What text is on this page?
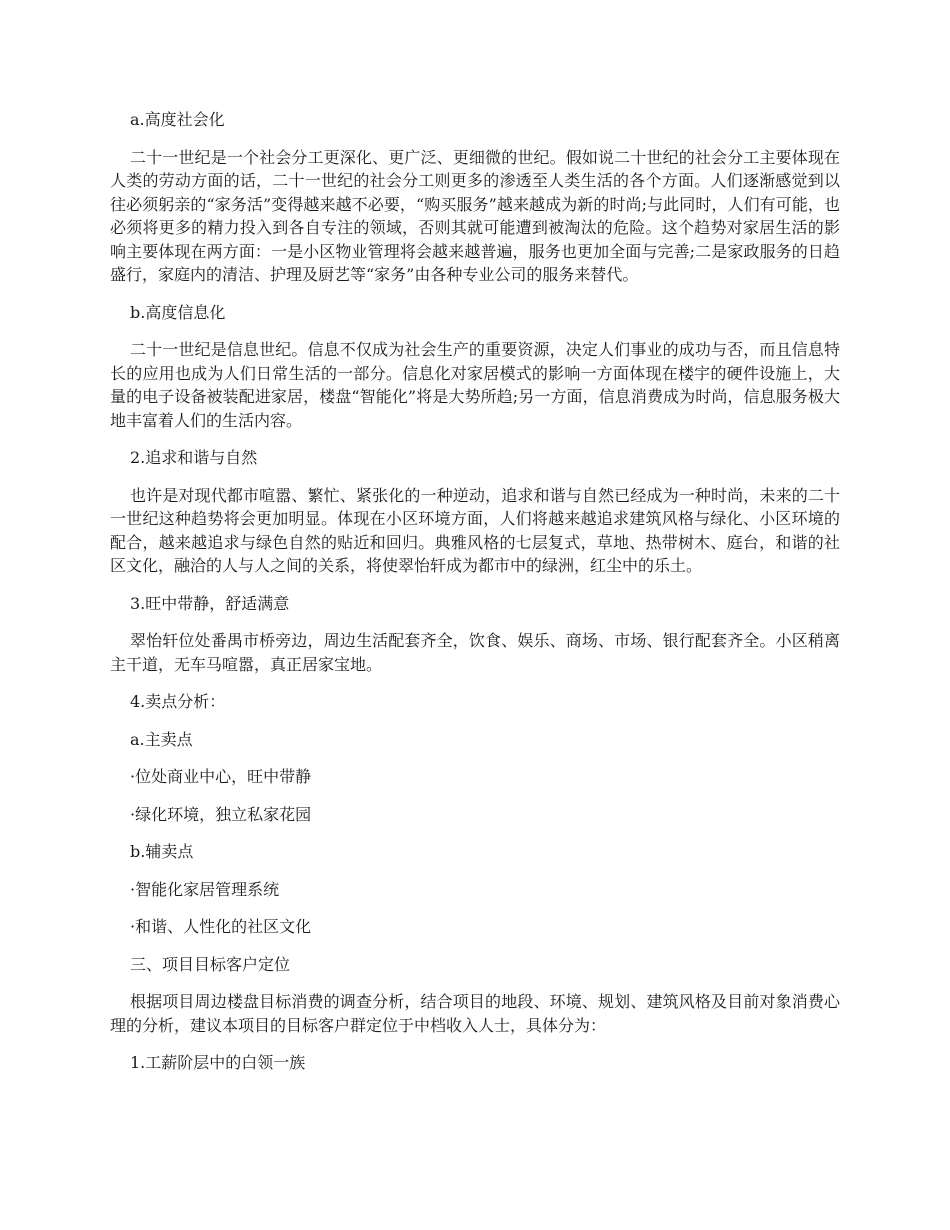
a.高度社会化

二十一世纪是一个社会分工更深化、更广泛、更细微的世纪。假如说二十世纪的社会分工主要体现在人类的劳动方面的话，二十一世纪的社会分工则更多的渗透至人类生活的各个方面。人们逐渐感觉到以往必须躬亲的“家务活”变得越来越不必要，“购买服务”越来越成为新的时尚;与此同时，人们有可能，也必须将更多的精力投入到各自专注的领域，否则其就可能遭到被淘汰的危险。这个趋势对家居生活的影响主要体现在两方面：一是小区物业管理将会越来越普遍，服务也更加全面与完善;二是家政服务的日趋盛行，家庭内的清洁、护理及厨艺等“家务”由各种专业公司的服务来替代。

b.高度信息化

二十一世纪是信息世纪。信息不仅成为社会生产的重要资源，决定人们事业的成功与否，而且信息特长的应用也成为人们日常生活的一部分。信息化对家居模式的影响一方面体现在楼宇的硬件设施上，大量的电子设备被装配进家居，楼盘“智能化”将是大势所趋;另一方面，信息消费成为时尚，信息服务极大地丰富着人们的生活内容。

2.追求和谐与自然

也许是对现代都市喧嚣、繁忙、紧张化的一种逆动，追求和谐与自然已经成为一种时尚，未来的二十一世纪这种趋势将会更加明显。体现在小区环境方面，人们将越来越追求建筑风格与绿化、小区环境的配合，越来越追求与绿色自然的贴近和回归。典雅风格的七层复式，草地、热带树木、庭台，和谐的社区文化，融洽的人与人之间的关系，将使翠怡轩成为都市中的绿洲，红尘中的乐土。

3.旺中带静，舒适满意

翠怡轩位处番禺市桥旁边，周边生活配套齐全，饮食、娱乐、商场、市场、银行配套齐全。小区稍离主干道，无车马喧嚣，真正居家宝地。

4.卖点分析：

a.主卖点

·位处商业中心，旺中带静

·绿化环境，独立私家花园

b.辅卖点

·智能化家居管理系统

·和谐、人性化的社区文化

三、项目目标客户定位

根据项目周边楼盘目标消费的调查分析，结合项目的地段、环境、规划、建筑风格及目前对象消费心理的分析，建议本项目的目标客户群定位于中档收入人士，具体分为：

1.工薪阶层中的白领一族
